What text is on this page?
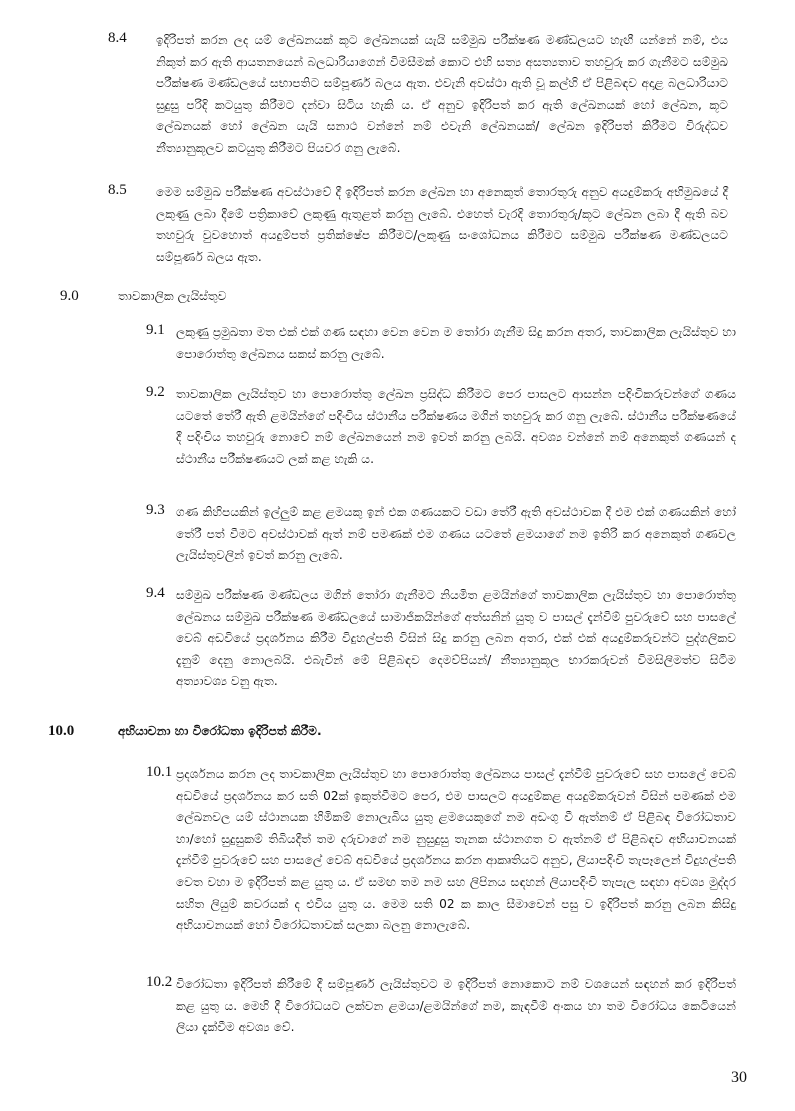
8.4 ඉදිරිපත් කරන ලද යම් ලේඛනයක් කූට ලේඛනයක් යැයි සම්මුඛ පරීක්ෂණ මණ්ඩලයට හැඟී යන්නේ නම්, එය නිකුත් කර ඇති ආයතනයෙන් බලධාරියාගෙන් විමසීමක් කොට එහි සත්‍ය අසත්‍යතාව තහවුරු කර ගැනීමට සම්මුඛ පරීක්ෂණ මණ්ඩලයේ සභාපතිට සම්පූර්ණ බලය ඇත. එවැනි අවස්ථා ඇති වූ කල්හි ඒ පිළිබඳව අදාළ බලධාරියාට සුදුසු පරිදි කටයුතු කිරීමට දන්වා සිටිය හැකි ය. ඒ අනුව ඉදිරිපත් කර ඇති ලේඛනයක් හෝ ලේඛන, කූට ලේඛනයක් හෝ ලේඛන යැයි සනාථ වන්නේ නම් එවැනි ලේඛනයක්/ ලේඛන ඉදිරිපත් කිරීමට විරුද්ධව නීත්‍යානුකූලව කටයුතු කිරීමට පියවර ගනු ලැබේ.
8.5 මෙම සම්මුඛ පරීක්ෂණ අවස්ථාවේ දී ඉදිරිපත් කරන ලේඛන හා අනෙකුත් තොරතුරු අනුව අයදුම්කරු අභිමුඛයේ දී ලකුණු ලබා දීමේ පත්‍රිකාවේ ලකුණු ඇතුළත් කරනු ලැබේ. එහෙත් වැරදි තොරතුරු/කූට ලේඛන ලබා දී ඇති බව තහවුරු වුවහොත් අයදුම්පත් ප්‍රතික්ෂේප කිරීමට/ලකුණු සංශෝධනය කිරීමට සම්මුඛ පරීක්ෂණ මණ්ඩලයට සම්පූර්ණ බලය ඇත.
9.0	තාවකාලික ලැයිස්තුව
9.1 ලකුණු ප්‍රමුඛතා මත එක් එක් ගණ සඳහා වෙන වෙන ම තෝරා ගැනීම සිදු කරන අතර, තාවකාලික ලැයිස්තුව හා පොරොත්තු ලේඛනය සකස් කරනු ලැබේ.
9.2 තාවකාලික ලැයිස්තුව හා පොරොත්තු ලේඛන ප්‍රසිද්ධ කිරීමට පෙර පාසලට ආසන්න පදිංචිකරුවන්ගේ ගණය යටතේ තේරී ඇති ළමයින්ගේ පදිංචිය ස්ථානීය පරීක්ෂණය මගින් තහවුරු කර ගනු ලැබේ. ස්ථානීය පරීක්ෂණයේ දී පදිංචිය තහවුරු නොවේ නම් ලේඛනයෙන් නම ඉවත් කරනු ලබයි. අවශ්‍ය වන්නේ නම් අනෙකුත් ගණයන් ද ස්ථානීය පරීක්ෂණයට ලක් කළ හැකි ය.
9.3 ගණ කිහිපයකින් ඉල්ලුම් කළ ළමයකු ඉන් එක ගණයකට වඩා තේරී ඇති අවස්ථාවක දී එම එක් ගණයකින් හෝ තේරී පත් වීමට අවස්ථාවක් ඇත් නම් පමණක් එම ගණය යටතේ ළමයාගේ නම ඉතිරි කර අනෙකුත් ගණවල ලැයිස්තුවලින් ඉවත් කරනු ලැබේ.
9.4 සම්මුඛ පරීක්ෂණ මණ්ඩලය මගින් තෝරා ගැනීමට නියමිත ළමයින්ගේ තාවකාලික ලැයිස්තුව හා පොරොත්තු ලේඛනය සම්මුඛ පරීක්ෂණ මණ්ඩලයේ සාමාජිකයින්ගේ අත්සනින් යුතු ව පාසල් දැන්වීම් පුවරුවේ සහ පාසලේ වෙබ් අඩවියේ ප්‍රදර්ශනය කිරීම විදුහල්පති විසින් සිදු කරනු ලබන අතර, එක් එක් අයදුම්කරුවන්ට පුද්ගලිකව දැනුම් දෙනු නොලබයි. එබැවින් මේ පිළිබඳව දෙමව්පියන්/ නීත්‍යානුකූල භාරකරුවන් විමසිලිමත්ව සිටීම අත්‍යාවශ්‍ය වනු ඇත.
10.0	අභියාචනා හා විරෝධතා ඉදිරිපත් කිරීම.
10.1 ප්‍රදර්ශනය කරන ලද තාවකාලික ලැයිස්තුව හා පොරොත්තු ලේඛනය පාසල් දැන්වීම් පුවරුවේ සහ පාසලේ වෙබ් අඩවියේ ප්‍රදර්ශනය කර සති 02ක් ඉකුත්වීමට පෙර, එම පාසලට අයදුම්කළ අයදුම්කරුවන් විසින් පමණක් එම ලේඛනවල යම් ස්ථානයක හිමිකම් නොලැබිය යුතු ළමයෙකුගේ නම අඩංගු වී ඇත්නම් ඒ පිළිබඳ විරෝධතාව හා/හෝ සුදුසුකම් තිබියදීත් තම දරුවාගේ නම නුසුදුසු තැනක ස්ථානගත ව ඇත්නම් ඒ පිළිබඳව අභියාචනයක් දැන්වීම් පුවරුවේ සහ පාසලේ වෙබ් අඩවියේ ප්‍රදර්ශනය කරන ආකෘතියට අනුව, ලියාපදිංචි තැපෑලෙන් විදුහල්පති වෙත වහා ම ඉදිරිපත් කළ යුතු ය. ඒ සමඟ තම නම සහ ලිපිනය සඳහන් ලියාපදිංචි තැපැල සඳහා අවශ්‍ය මුද්දර සහිත ලියුම් කවරයක් ද එවිය යුතු ය. මෙම සති 02 ක කාල සීමාවෙන් පසු ව ඉදිරිපත් කරනු ලබන කිසිදු අභියාචනයක් හෝ විරෝධතාවක් සලකා බලනු නොලැබේ.
10.2 විරෝධතා ඉදිරිපත් කිරීමේ දී සම්පූර්ණ ලැයිස්තුවට ම ඉදිරිපත් නොකොට නම් වශයෙන් සඳහන් කර ඉදිරිපත් කළ යුතු ය. මෙහි දී විරෝධයට ලක්වන ළමයා/ළමයින්ගේ නම, කැඳවීම් අංකය හා තම විරෝධය කෙටියෙන් ලියා දැක්වීම අවශ්‍ය වේ.
30
